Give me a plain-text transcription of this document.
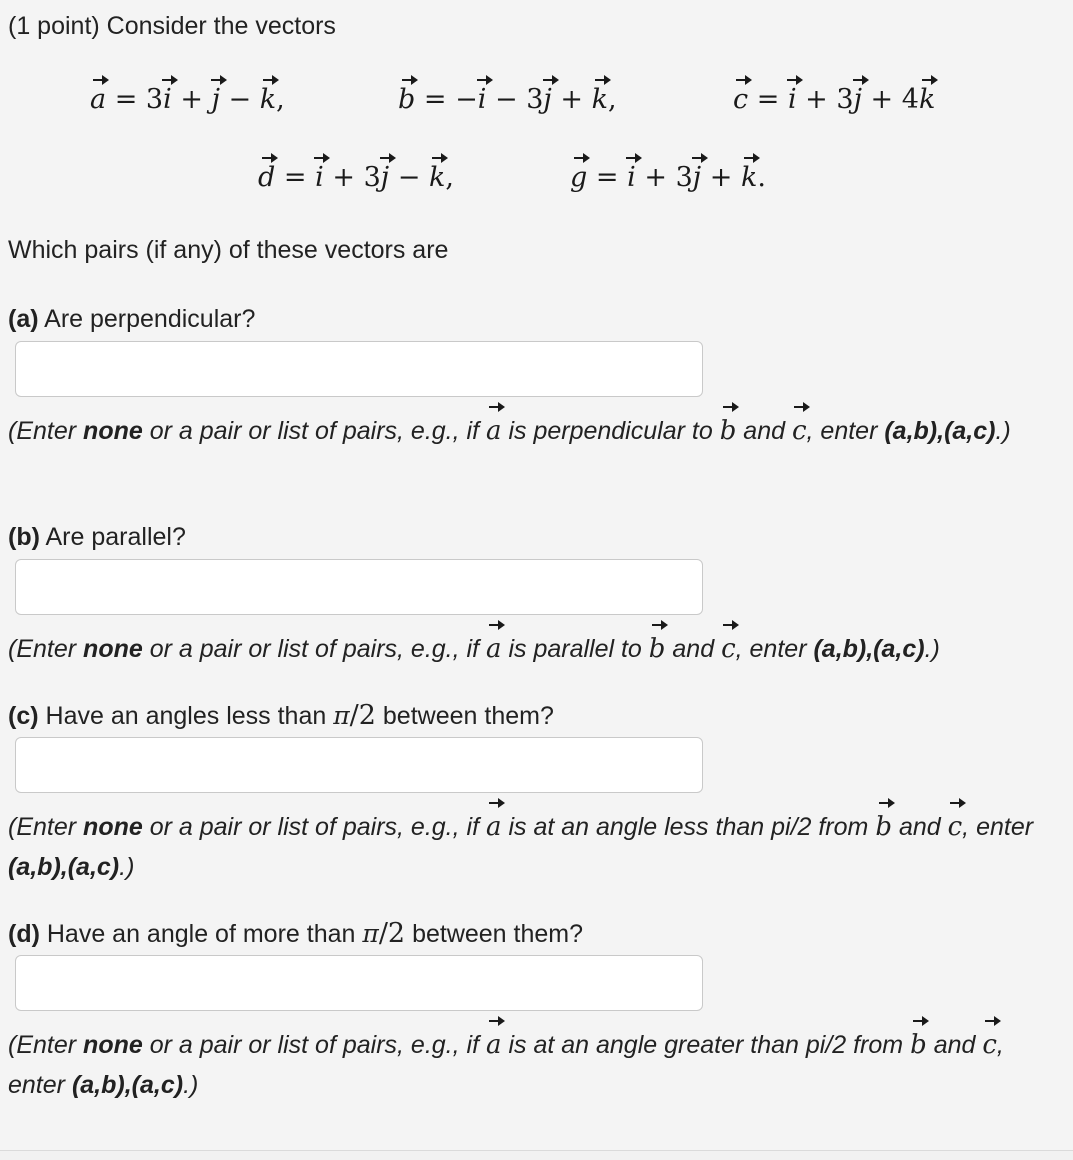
(1 point) Consider the vectors
a = 3i + j − k,	b = −i − 3j + k,	c = i + 3j + 4k
d = i + 3j − k,	g = i + 3j + k.
Which pairs (if any) of these vectors are
(a) Are perpendicular?
(Enter none or a pair or list of pairs, e.g., if a is perpendicular to b and c, enter (a,b),(a,c).)
(b) Are parallel?
(Enter none or a pair or list of pairs, e.g., if a is parallel to b and c, enter (a,b),(a,c).)
(c) Have an angles less than π/2 between them?
(Enter none or a pair or list of pairs, e.g., if a is at an angle less than pi/2 from b and c, enter (a,b),(a,c).)
(d) Have an angle of more than π/2 between them?
(Enter none or a pair or list of pairs, e.g., if a is at an angle greater than pi/2 from b and c, enter (a,b),(a,c).)
